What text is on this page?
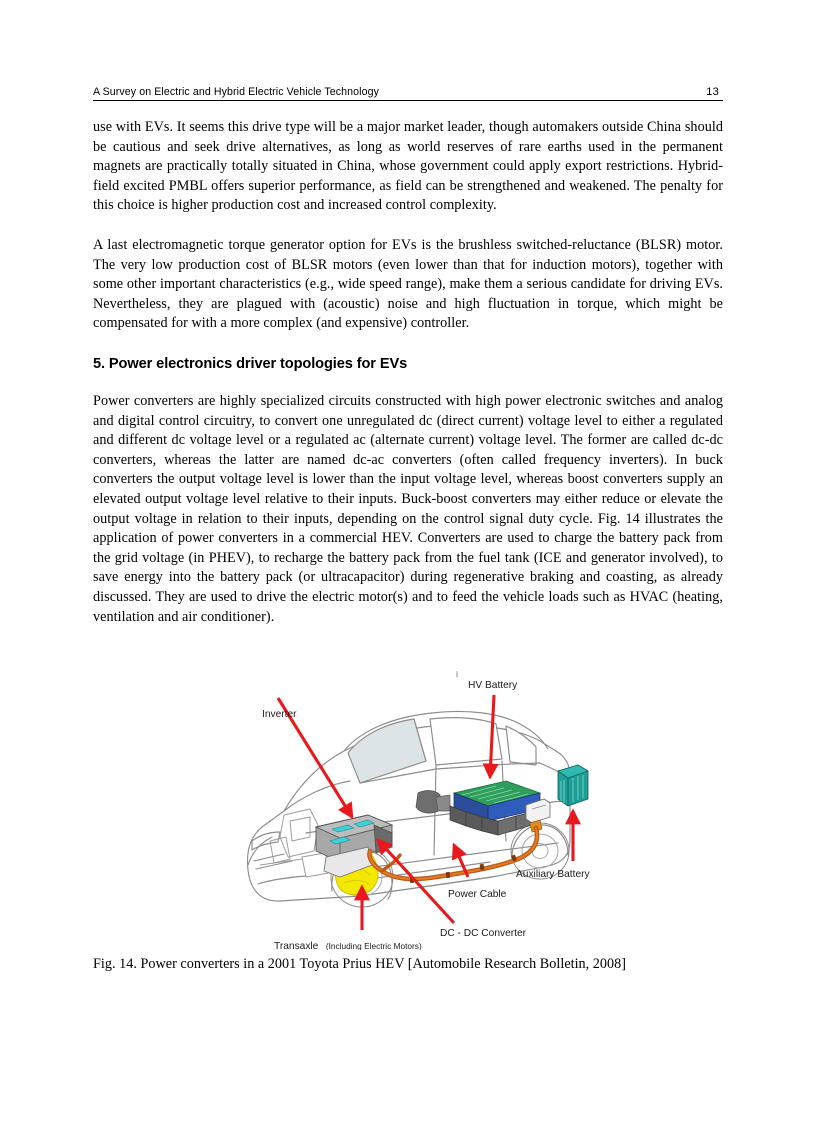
A Survey on Electric and Hybrid Electric Vehicle Technology	13

use with EVs. It seems this drive type will be a major market leader, though automakers outside China should be cautious and seek drive alternatives, as long as world reserves of rare earths used in the permanent magnets are practically totally situated in China, whose government could apply export restrictions. Hybrid-field excited PMBL offers superior performance, as field can be strengthened and weakened. The penalty for this choice is higher production cost and increased control complexity.

A last electromagnetic torque generator option for EVs is the brushless switched-reluctance (BLSR) motor. The very low production cost of BLSR motors (even lower than that for induction motors), together with some other important characteristics (e.g., wide speed range), make them a serious candidate for driving EVs. Nevertheless, they are plagued with (acoustic) noise and high fluctuation in torque, which might be compensated for with a more complex (and expensive) controller.

5. Power electronics driver topologies for EVs

Power converters are highly specialized circuits constructed with high power electronic switches and analog and digital control circuitry, to convert one unregulated dc (direct current) voltage level to either a regulated and different dc voltage level or a regulated ac (alternate current) voltage level. The former are called dc-dc converters, whereas the latter are named dc-ac converters (often called frequency inverters). In buck converters the output voltage level is lower than the input voltage level, whereas boost converters supply an elevated output voltage level relative to their inputs. Buck-boost converters may either reduce or elevate the output voltage in relation to their inputs, depending on the control signal duty cycle. Fig. 14 illustrates the application of power converters in a commercial HEV. Converters are used to charge the battery pack from the grid voltage (in PHEV), to recharge the battery pack from the fuel tank (ICE and generator involved), to save energy into the battery pack (or ultracapacitor) during regenerative braking and coasting, as already discussed. They are used to drive the electric motor(s) and to feed the vehicle loads such as HVAC (heating, ventilation and air conditioner).

i
Inverter
HV Battery
Auxiliary Battery
Power Cable
DC - DC Converter
Transaxle (Including Electric Motors)
Fig. 14. Power converters in a 2001 Toyota Prius HEV [Automobile Research Bolletin, 2008]
